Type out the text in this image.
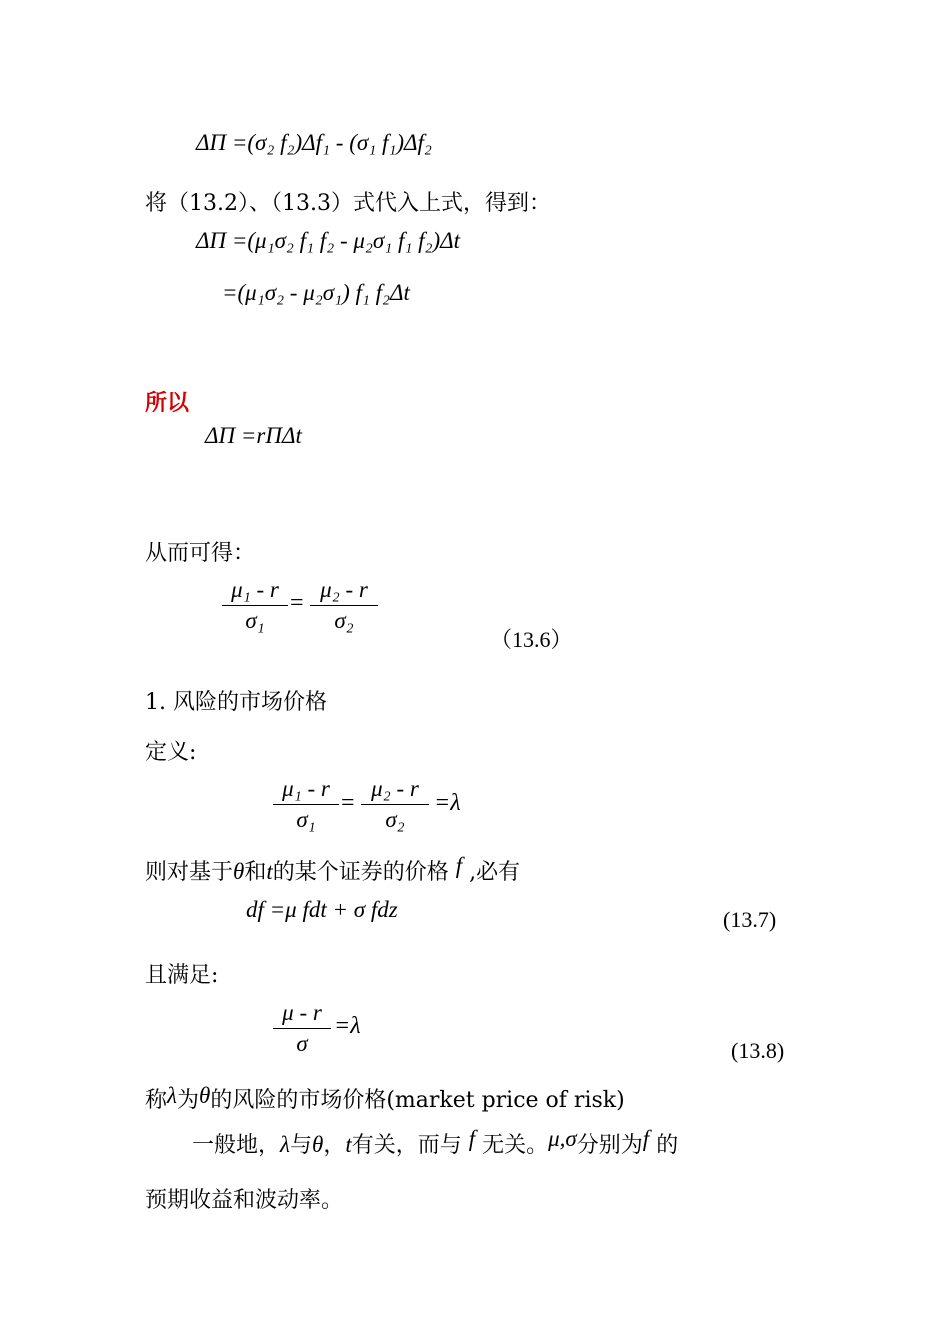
ΔΠ =(σ₂ f₂)Δf₁ - (σ₁ f₁)Δf₂
将（13.2）、（13.3）式代入上式，得到：
ΔΠ =(μ₁σ₂ f₁ f₂ - μ₂σ₁ f₁ f₂)Δt
=(μ₁σ₂ - μ₂σ₁) f₁ f₂Δt
所以
ΔΠ =rΠΔt
从而可得：
μ₁ - r
σ₁
=
μ₂ - r
σ₂
（13.6）
1. 风险的市场价格
定义:
μ₁ - r
σ₁
=
μ₂ - r
σ₂
=λ
则对基于θ和t的某个证券的价格 f ,必有
df =μ fdt + σ fdz	(13.7)
且满足:
μ - r
σ
=λ
(13.8)
称λ为θ的风险的市场价格(market price of risk)
一般地，λ与θ，t有关，而与 f 无关。μ,σ分别为f 的
预期收益和波动率。
